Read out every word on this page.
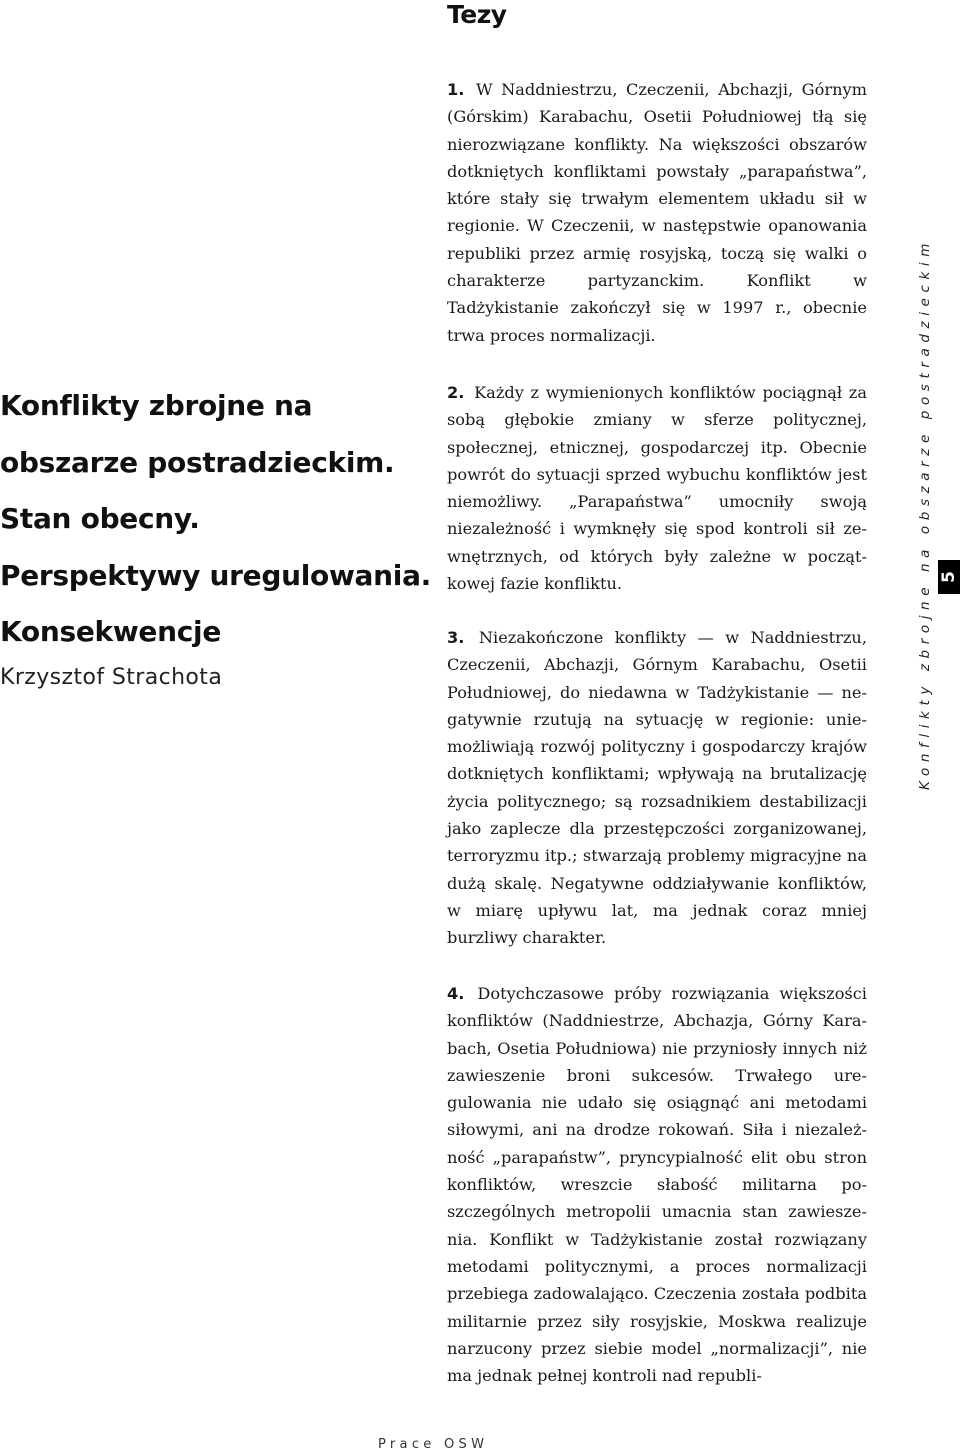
Tezy
Konflikty zbrojne na
obszarze postradzieckim.
Stan obecny.
Perspektywy uregulowania.
Konsekwencje
Krzysztof Strachota

1. W Naddniestrzu, Czeczenii, Abchazji, Górnym (Górskim) Karabachu, Osetii Południowej tłą się nierozwiązane konflikty. Na większości obszarów dotkniętych konfliktami powstały „parapaństwa”, które stały się trwałym elementem układu sił w regionie. W Czeczenii, w następstwie opanowania republiki przez armię rosyjską, toczą się walki o charakterze partyzanckim. Konflikt w Tadżykistanie zakończył się w 1997 r., obecnie trwa proces normalizacji.

2. Każdy z wymienionych konfliktów pociągnął za sobą głębokie zmiany w sferze politycznej, społecznej, etnicznej, gospodarczej itp. Obecnie powrót do sytuacji sprzed wybuchu konfliktów jest niemożliwy. „Parapaństwa” umocniły swoją niezależność i wymknęły się spod kontroli sił zewnętrznych, od których były zależne w początkowej fazie konfliktu.

3. Niezakończone konflikty — w Naddniestrzu, Czeczenii, Abchazji, Górnym Karabachu, Osetii Południowej, do niedawna w Tadżykistanie — negatywnie rzutują na sytuację w regionie: uniemożliwiają rozwój polityczny i gospodarczy krajów dotkniętych konfliktami; wpływają na brutalizację życia politycznego; są rozsadnikiem destabilizacji jako zaplecze dla przestępczości zorganizowanej, terroryzmu itp.; stwarzają problemy migracyjne na dużą skalę. Negatywne oddziaływanie konfliktów, w miarę upływu lat, ma jednak coraz mniej burzliwy charakter.

4. Dotychczasowe próby rozwiązania większości konfliktów (Naddniestrze, Abchazja, Górny Karabach, Osetia Południowa) nie przyniosły innych niż zawieszenie broni sukcesów. Trwałego uregulowania nie udało się osiągnąć ani metodami siłowymi, ani na drodze rokowań. Siła i niezależność „parapaństw”, pryncypialność elit obu stron konfliktów, wreszcie słabość militarna poszczególnych metropolii umacnia stan zawieszenia. Konflikt w Tadżykistanie został rozwiązany metodami politycznymi, a proces normalizacji przebiega zadowalająco. Czeczenia została podbita militarnie przez siły rosyjskie, Moskwa realizuje narzucony przez siebie model „normalizacji”, nie ma jednak pełnej kontroli nad republi-

Konflikty zbrojne na obszarze postradzieckim 5
Prace OSW
